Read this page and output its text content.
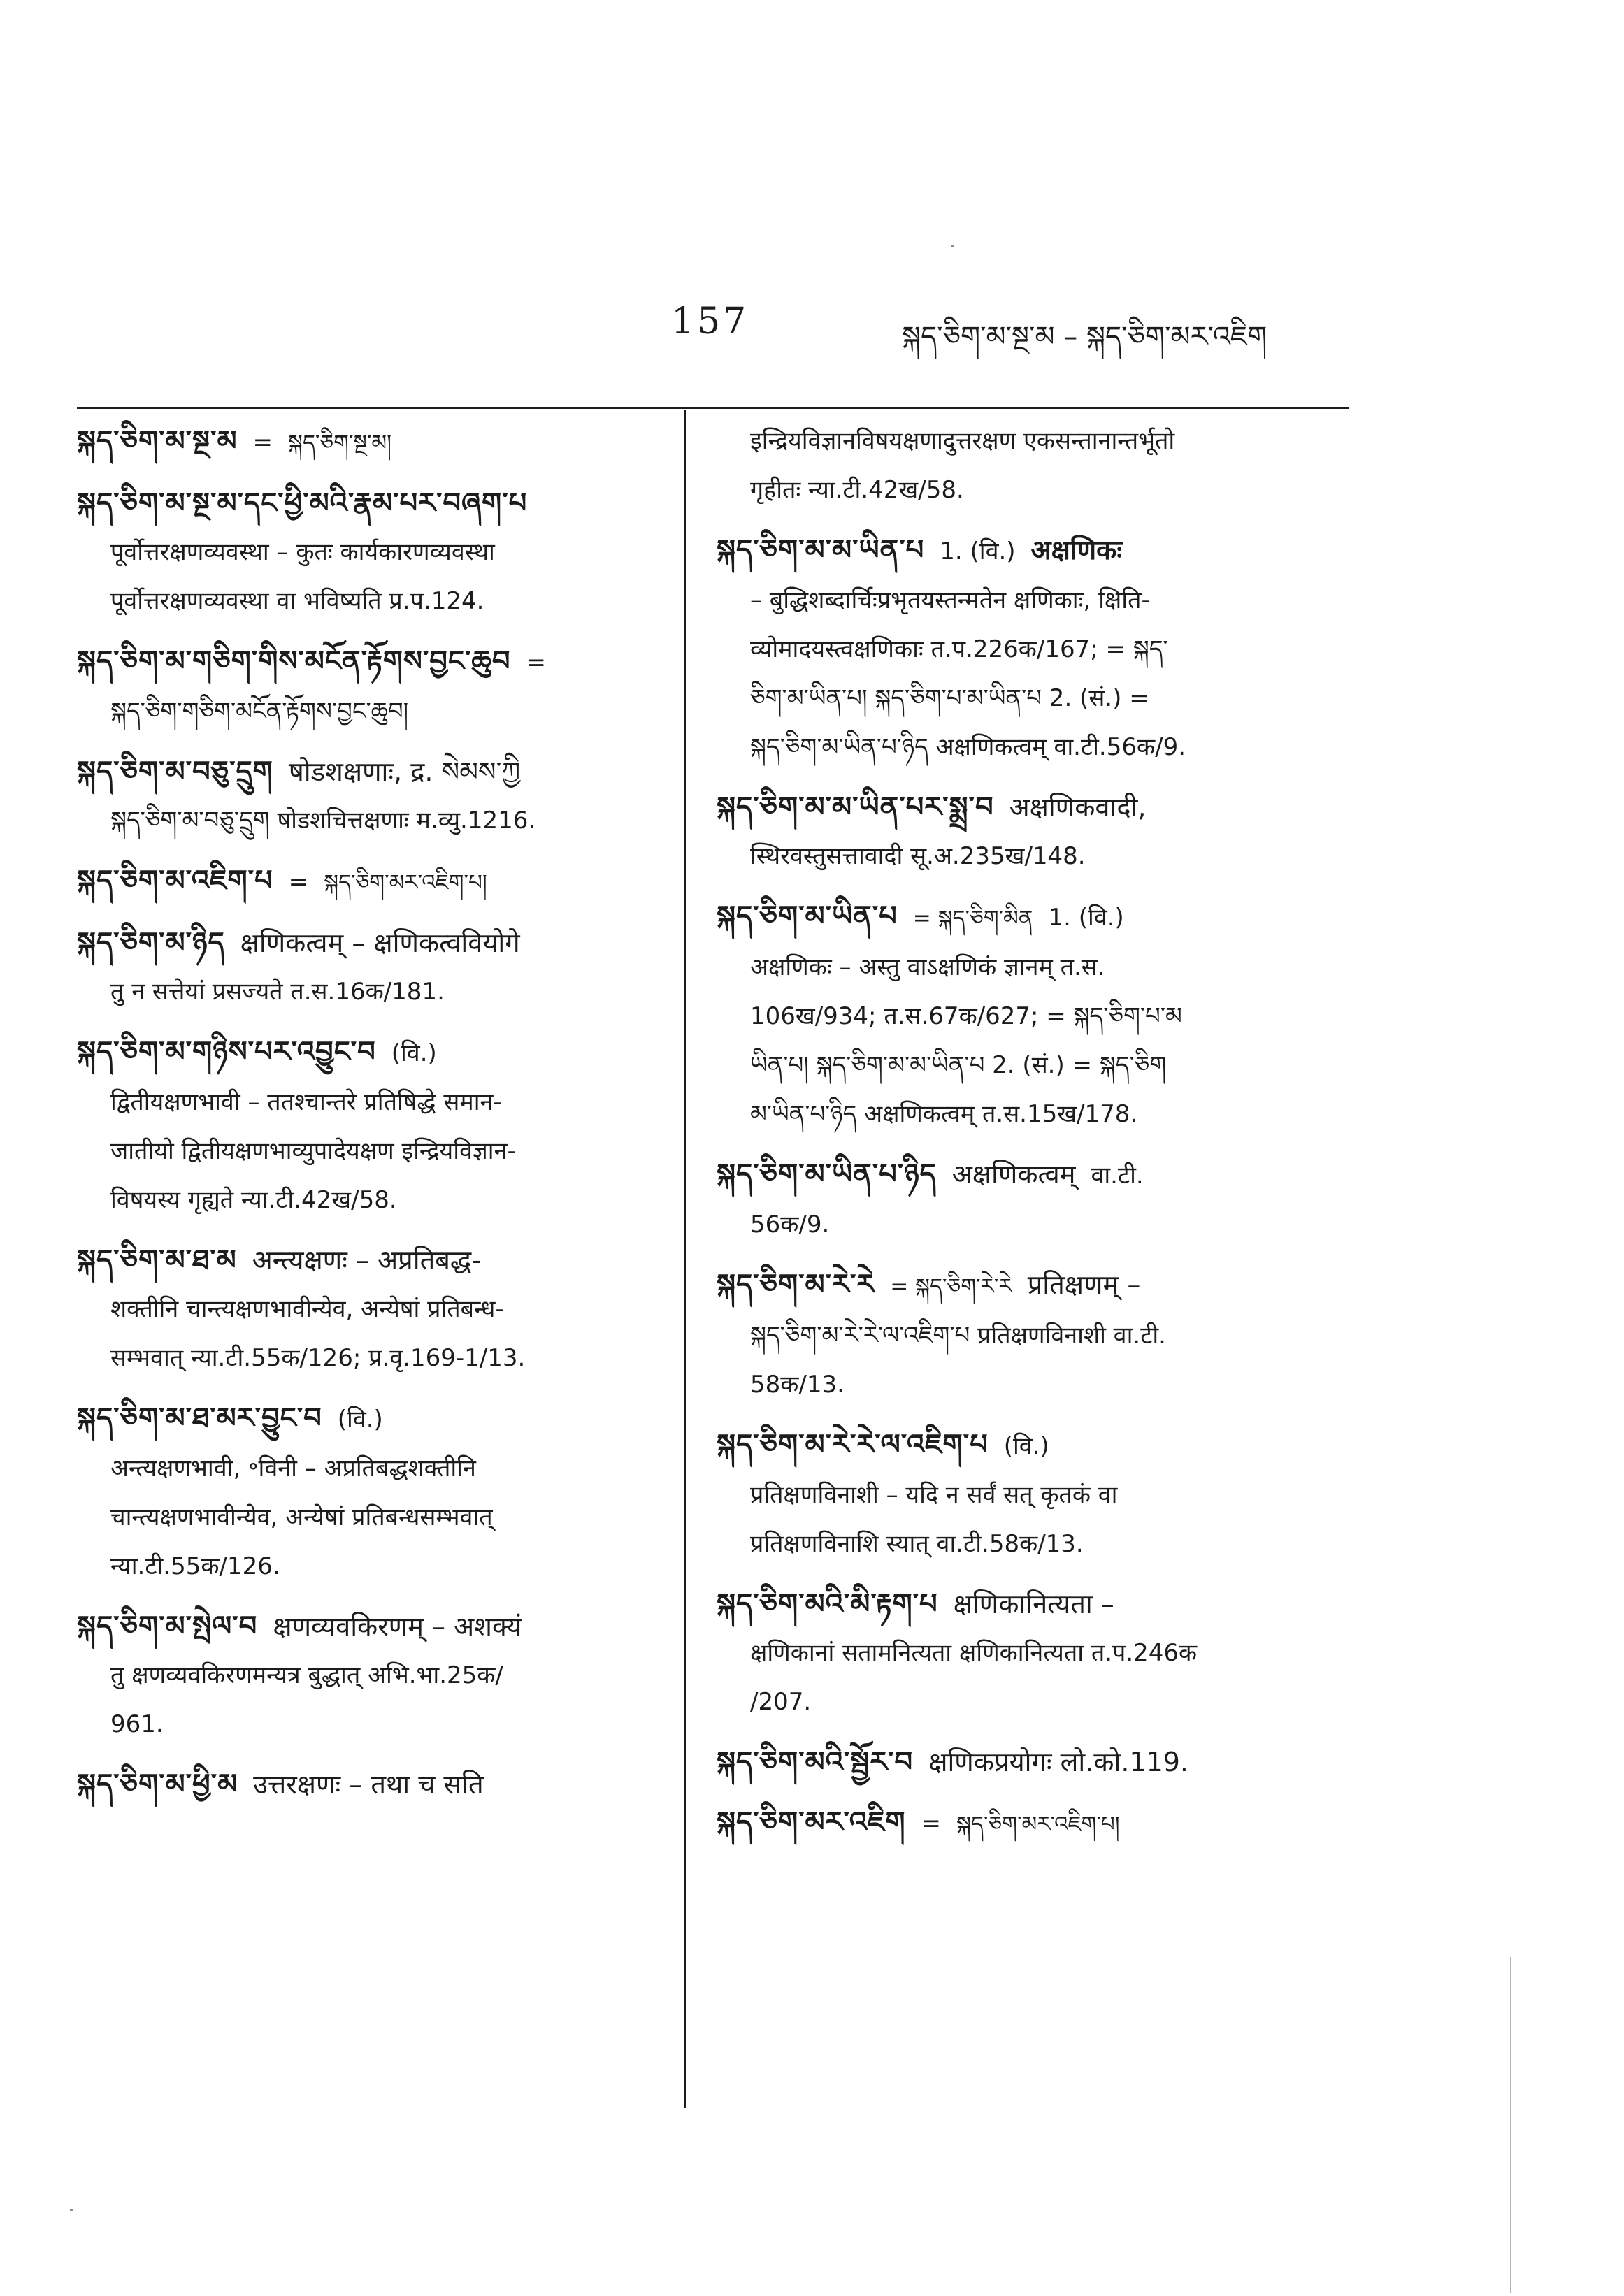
157	སྐད་ཅིག་མ་སྔ་མ – སྐད་ཅིག་མར་འཇིག
སྐད་ཅིག་མ་སྔ་མ = སྐད་ཅིག་སྔ་མ།
སྐད་ཅིག་མ་སྔ་མ་དང་ཕྱི་མའི་རྣམ་པར་བཞག་པ
पूर्वोत्तरक्षणव्यवस्था – कुतः कार्यकारणव्यवस्था
पूर्वोत्तरक्षणव्यवस्था वा भविष्यति प्र.प.124.
སྐད་ཅིག་མ་གཅིག་གིས་མངོན་རྟོགས་བྱང་ཆུབ =
སྐད་ཅིག་གཅིག་མངོན་རྟོགས་བྱང་ཆུབ།
སྐད་ཅིག་མ་བཅུ་དྲུག षोडशक्षणाः, द्र. སེམས་ཀྱི
སྐད་ཅིག་མ་བཅུ་དྲུག षोडशचित्तक्षणाः म.व्यु.1216.
སྐད་ཅིག་མ་འཇིག་པ = སྐད་ཅིག་མར་འཇིག་པ།
སྐད་ཅིག་མ་ཉིད क्षणिकत्वम् – क्षणिकत्ववियोगे
तु न सत्तेयां प्रसज्यते त.स.16क/181.
སྐད་ཅིག་མ་གཉིས་པར་འབྱུང་བ (वि.)
द्वितीयक्षणभावी – ततश्चान्तरे प्रतिषिद्धे समान-
जातीयो द्वितीयक्षणभाव्युपादेयक्षण इन्द्रियविज्ञान-
विषयस्य गृह्यते न्या.टी.42ख/58.
སྐད་ཅིག་མ་ཐ་མ अन्त्यक्षणः – अप्रतिबद्ध-
शक्तीनि चान्त्यक्षणभावीन्येव, अन्येषां प्रतिबन्ध-
सम्भवात् न्या.टी.55क/126; प्र.वृ.169-1/13.
སྐད་ཅིག་མ་ཐ་མར་བྱུང་བ (वि.)
अन्त्यक्षणभावी, ॰विनी – अप्रतिबद्धशक्तीनि
चान्त्यक्षणभावीन्येव, अन्येषां प्रतिबन्धसम्भवात्
न्या.टी.55क/126.
སྐད་ཅིག་མ་སྤེལ་བ क्षणव्यवकिरणम् – अशक्यं
तु क्षणव्यवकिरणमन्यत्र बुद्धात् अभि.भा.25क/
961.
སྐད་ཅིག་མ་ཕྱི་མ उत्तरक्षणः – तथा च सति
इन्द्रियविज्ञानविषयक्षणादुत्तरक्षण एकसन्तानान्तर्भूतो
गृहीतः न्या.टी.42ख/58.
སྐད་ཅིག་མ་མ་ཡིན་པ 1. (वि.) अक्षणिकः
– बुद्धिशब्दार्चिःप्रभृतयस्तन्मतेन क्षणिकाः, क्षिति-
व्योमादयस्त्वक्षणिकाः त.प.226क/167; = སྐད་
ཅིག་མ་ཡིན་པ། སྐད་ཅིག་པ་མ་ཡིན་པ 2. (सं.) =
སྐད་ཅིག་མ་ཡིན་པ་ཉིད अक्षणिकत्वम् वा.टी.56क/9.
སྐད་ཅིག་མ་མ་ཡིན་པར་སྨྲ་བ अक्षणिकवादी,
स्थिरवस्तुसत्तावादी सू.अ.235ख/148.
སྐད་ཅིག་མ་ཡིན་པ = སྐད་ཅིག་མིན 1. (वि.)
अक्षणिकः – अस्तु वाऽक्षणिकं ज्ञानम् त.स.
106ख/934; त.स.67क/627; = སྐད་ཅིག་པ་མ
ཡིན་པ། སྐད་ཅིག་མ་མ་ཡིན་པ 2. (सं.) = སྐད་ཅིག
མ་ཡིན་པ་ཉིད अक्षणिकत्वम् त.स.15ख/178.
སྐད་ཅིག་མ་ཡིན་པ་ཉིད अक्षणिकत्वम् वा.टी.
56क/9.
སྐད་ཅིག་མ་རེ་རེ = སྐད་ཅིག་རེ་རེ प्रतिक्षणम् –
སྐད་ཅིག་མ་རེ་རེ་ལ་འཇིག་པ प्रतिक्षणविनाशी वा.टी.
58क/13.
སྐད་ཅིག་མ་རེ་རེ་ལ་འཇིག་པ (वि.)
प्रतिक्षणविनाशी – यदि न सर्वं सत् कृतकं वा
प्रतिक्षणविनाशि स्यात् वा.टी.58क/13.
སྐད་ཅིག་མའི་མི་རྟག་པ क्षणिकानित्यता –
क्षणिकानां सतामनित्यता क्षणिकानित्यता त.प.246क
/207.
སྐད་ཅིག་མའི་སྦྱོར་བ क्षणिकप्रयोगः लो.को.119.
སྐད་ཅིག་མར་འཇིག = སྐད་ཅིག་མར་འཇིག་པ།
